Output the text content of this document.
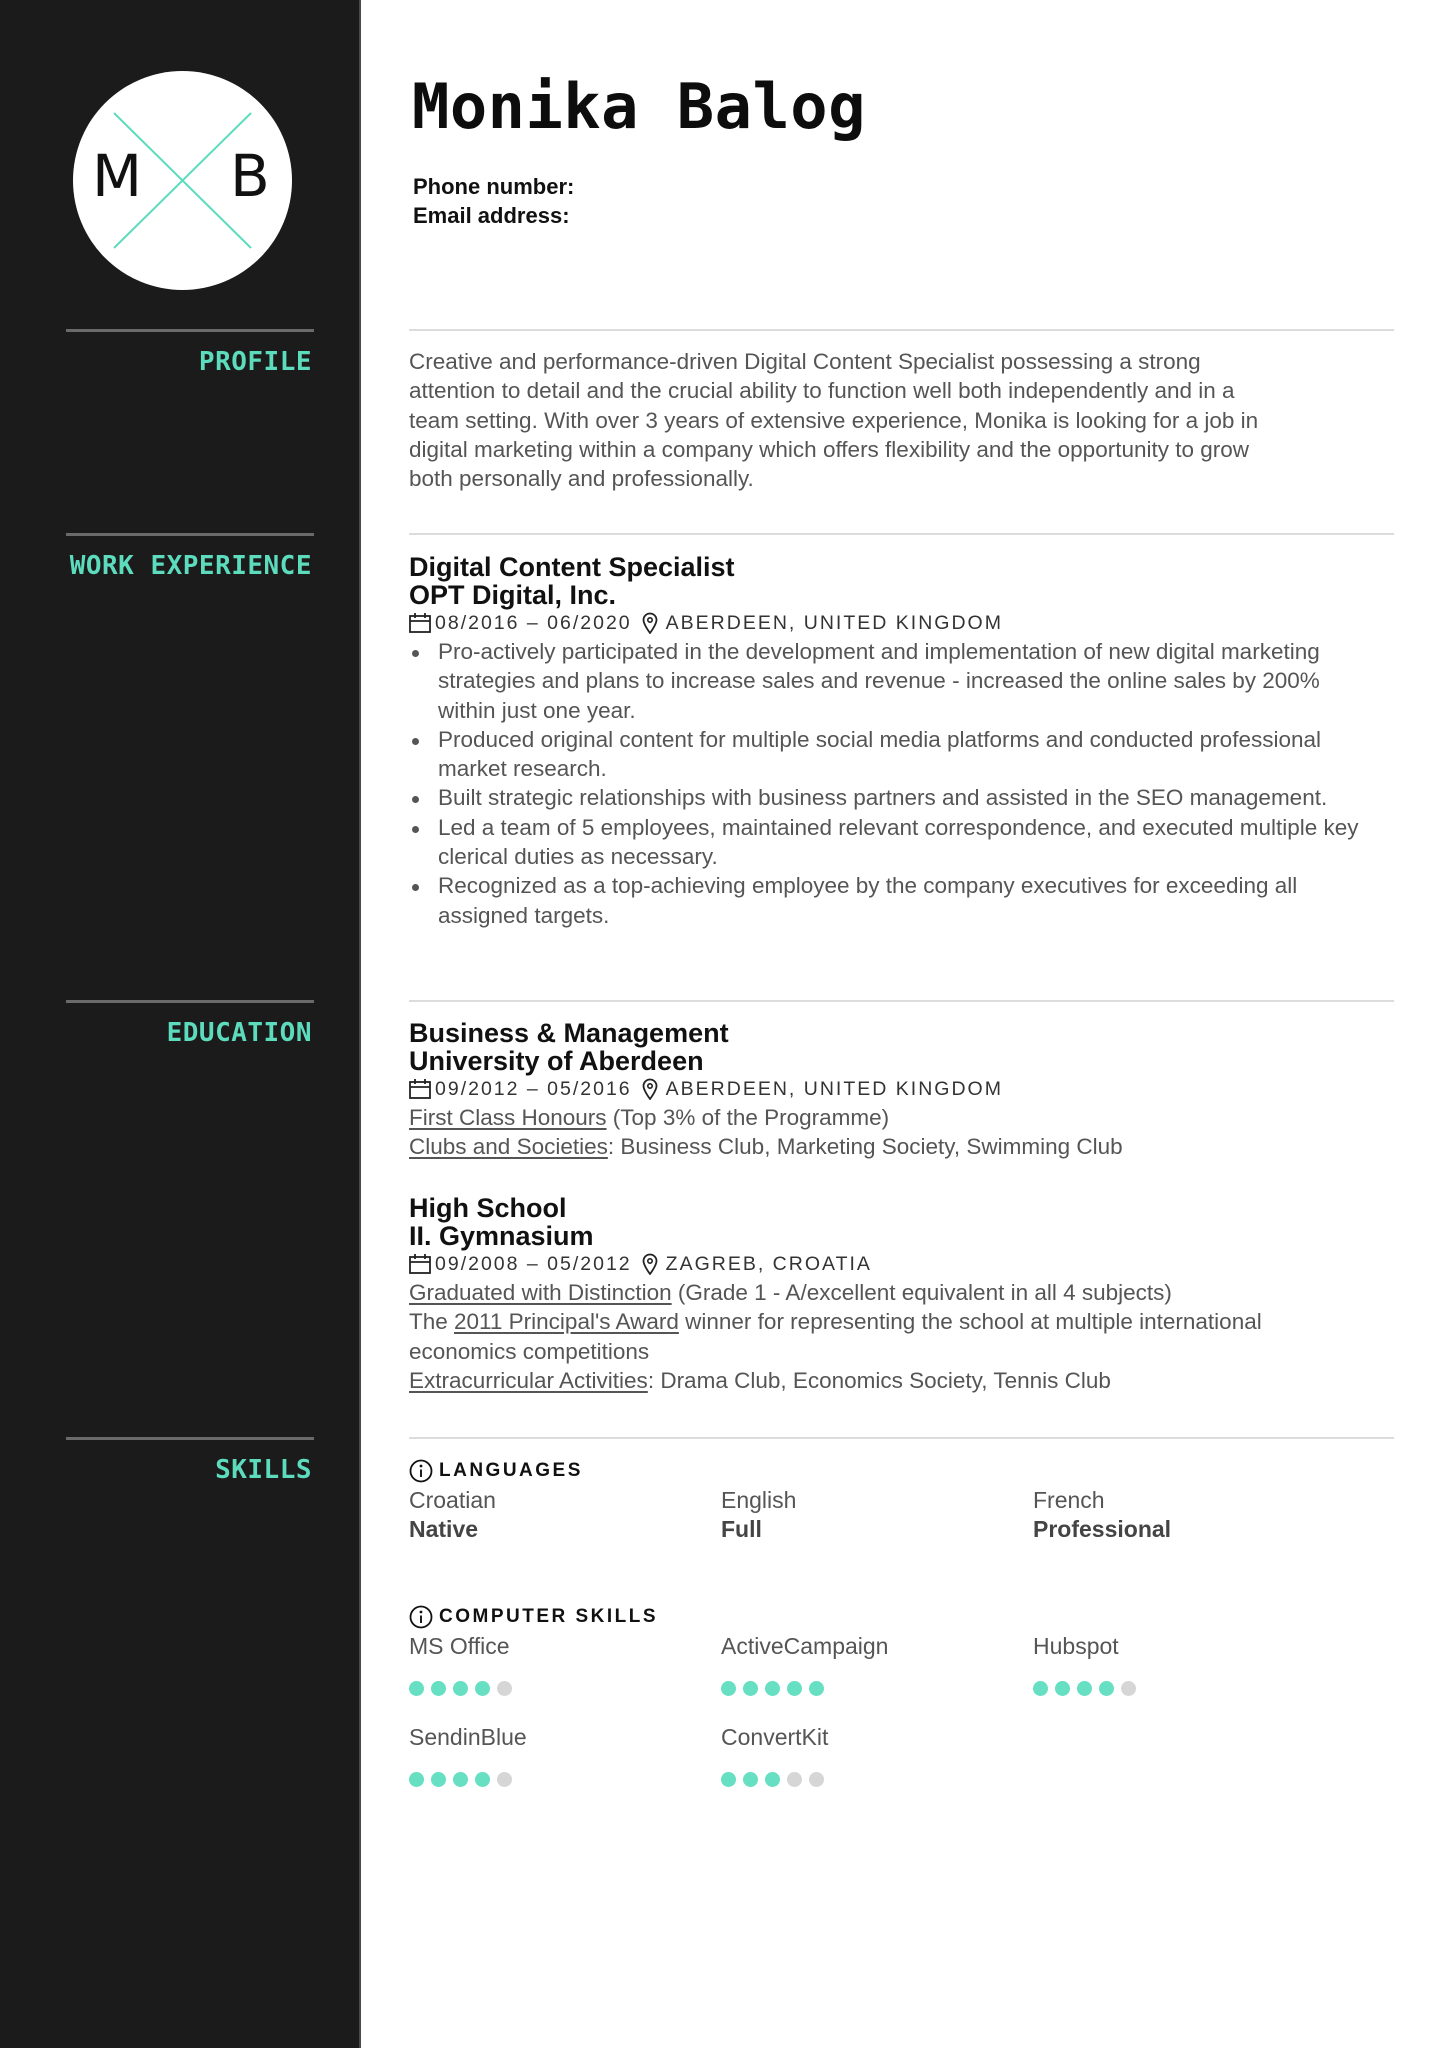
M B
PROFILE
WORK EXPERIENCE
EDUCATION
SKILLS
Monika Balog
Phone number:
Email address:
Creative and performance-driven Digital Content Specialist possessing a strong
attention to detail and the crucial ability to function well both independently and in a
team setting. With over 3 years of extensive experience, Monika is looking for a job in
digital marketing within a company which offers flexibility and the opportunity to grow
both personally and professionally.
Digital Content Specialist
OPT Digital, Inc.
08/2016 – 06/2020 ABERDEEN, UNITED KINGDOM
Pro-actively participated in the development and implementation of new digital marketing strategies and plans to increase sales and revenue - increased the online sales by 200% within just one year.
Produced original content for multiple social media platforms and conducted professional market research.
Built strategic relationships with business partners and assisted in the SEO management.
Led a team of 5 employees, maintained relevant correspondence, and executed multiple key clerical duties as necessary.
Recognized as a top-achieving employee by the company executives for exceeding all assigned targets.
Business & Management
University of Aberdeen
09/2012 – 05/2016 ABERDEEN, UNITED KINGDOM
First Class Honours (Top 3% of the Programme)
Clubs and Societies: Business Club, Marketing Society, Swimming Club
High School
II. Gymnasium
09/2008 – 05/2012 ZAGREB, CROATIA
Graduated with Distinction (Grade 1 - A/excellent equivalent in all 4 subjects)
The 2011 Principal's Award winner for representing the school at multiple international
economics competitions
Extracurricular Activities: Drama Club, Economics Society, Tennis Club
LANGUAGES
Croatian
Native
English
Full
French
Professional
COMPUTER SKILLS
MS Office	ActiveCampaign	Hubspot
SendinBlue	ConvertKit
